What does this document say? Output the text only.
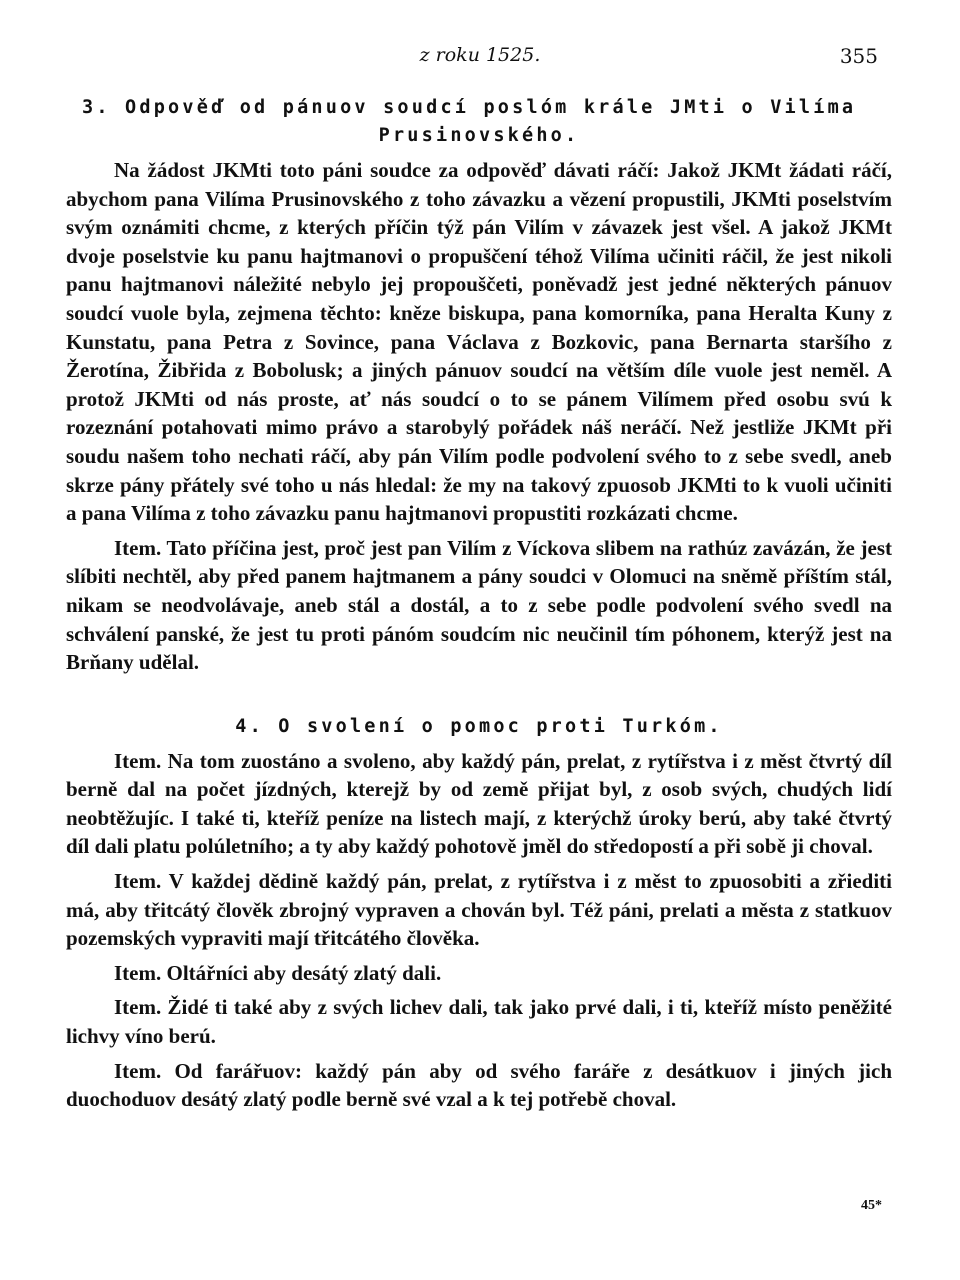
z roku 1525.	355
3. Odpověď od pánuov soudcí poslóm krále JMti o Vilíma
Prusinovského.

Na žádost JKMti toto páni soudce za odpověď dávati ráčí: Jakož JKMt žádati ráčí, abychom pana Vilíma Prusinovského z toho závazku a vězení propustili, JKMti poselstvím svým oznámiti chcme, z kterých příčin týž pán Vilím v závazek jest všel. A jakož JKMt dvoje poselstvie ku panu hajtmanovi o propuščení téhož Vilíma učiniti ráčil, že jest nikoli panu hajtmanovi náležité nebylo jej propouščeti, poněvadž jest jedné některých pánuov soudcí vuole byla, zejmena těchto: kněze biskupa, pana komorníka, pana Heralta Kuny z Kunstatu, pana Petra z Sovince, pana Václava z Bozkovic, pana Bernarta staršího z Žerotína, Žibřida z Bobolusk; a jiných pánuov soudcí na větším díle vuole jest neměl. A protož JKMti od nás proste, ať nás soudcí o to se pánem Vilímem před osobu svú k rozeznání potahovati mimo právo a starobylý pořádek náš neráčí. Než jestliže JKMt při soudu našem toho nechati ráčí, aby pán Vilím podle podvolení svého to z sebe svedl, aneb skrze pány přátely své toho u nás hledal: že my na takový zpuosob JKMti to k vuoli učiniti a pana Vilíma z toho závazku panu hajtmanovi propustiti rozkázati chcme.

Item. Tato příčina jest, proč jest pan Vilím z Víckova slibem na rathúz zavázán, že jest slíbiti nechtěl, aby před panem hajtmanem a pány soudci v Olomuci na sněmě příštím stál, nikam se neodvolávaje, aneb stál a dostál, a to z sebe podle podvolení svého svedl na schválení panské, že jest tu proti pánóm soudcím nic neučinil tím póhonem, kterýž jest na Brňany udělal.

4. O svolení o pomoc proti Turkóm.

Item. Na tom zuostáno a svoleno, aby každý pán, prelat, z rytířstva i z měst čtvrtý díl berně dal na počet jízdných, kterejž by od země přijat byl, z osob svých, chudých lidí neobtěžujíc. I také ti, kteříž peníze na listech mají, z kterýchž úroky berú, aby také čtvrtý díl dali platu polúletního; a ty aby každý pohotově jměl do středopostí a při sobě ji choval.

Item. V každej dědině každý pán, prelat, z rytířstva i z měst to zpuosobiti a zřiediti má, aby třitcátý člověk zbrojný vypraven a chován byl. Též páni, prelati a města z statkuov pozemských vypraviti mají třitcátého člověka.

Item. Oltářníci aby desátý zlatý dali.

Item. Židé ti také aby z svých lichev dali, tak jako prvé dali, i ti, kteříž místo peněžité lichvy víno berú.

Item. Od farářuov: každý pán aby od svého faráře z desátkuov i jiných jich duochoduov desátý zlatý podle berně své vzal a k tej potřebě choval.

45*
